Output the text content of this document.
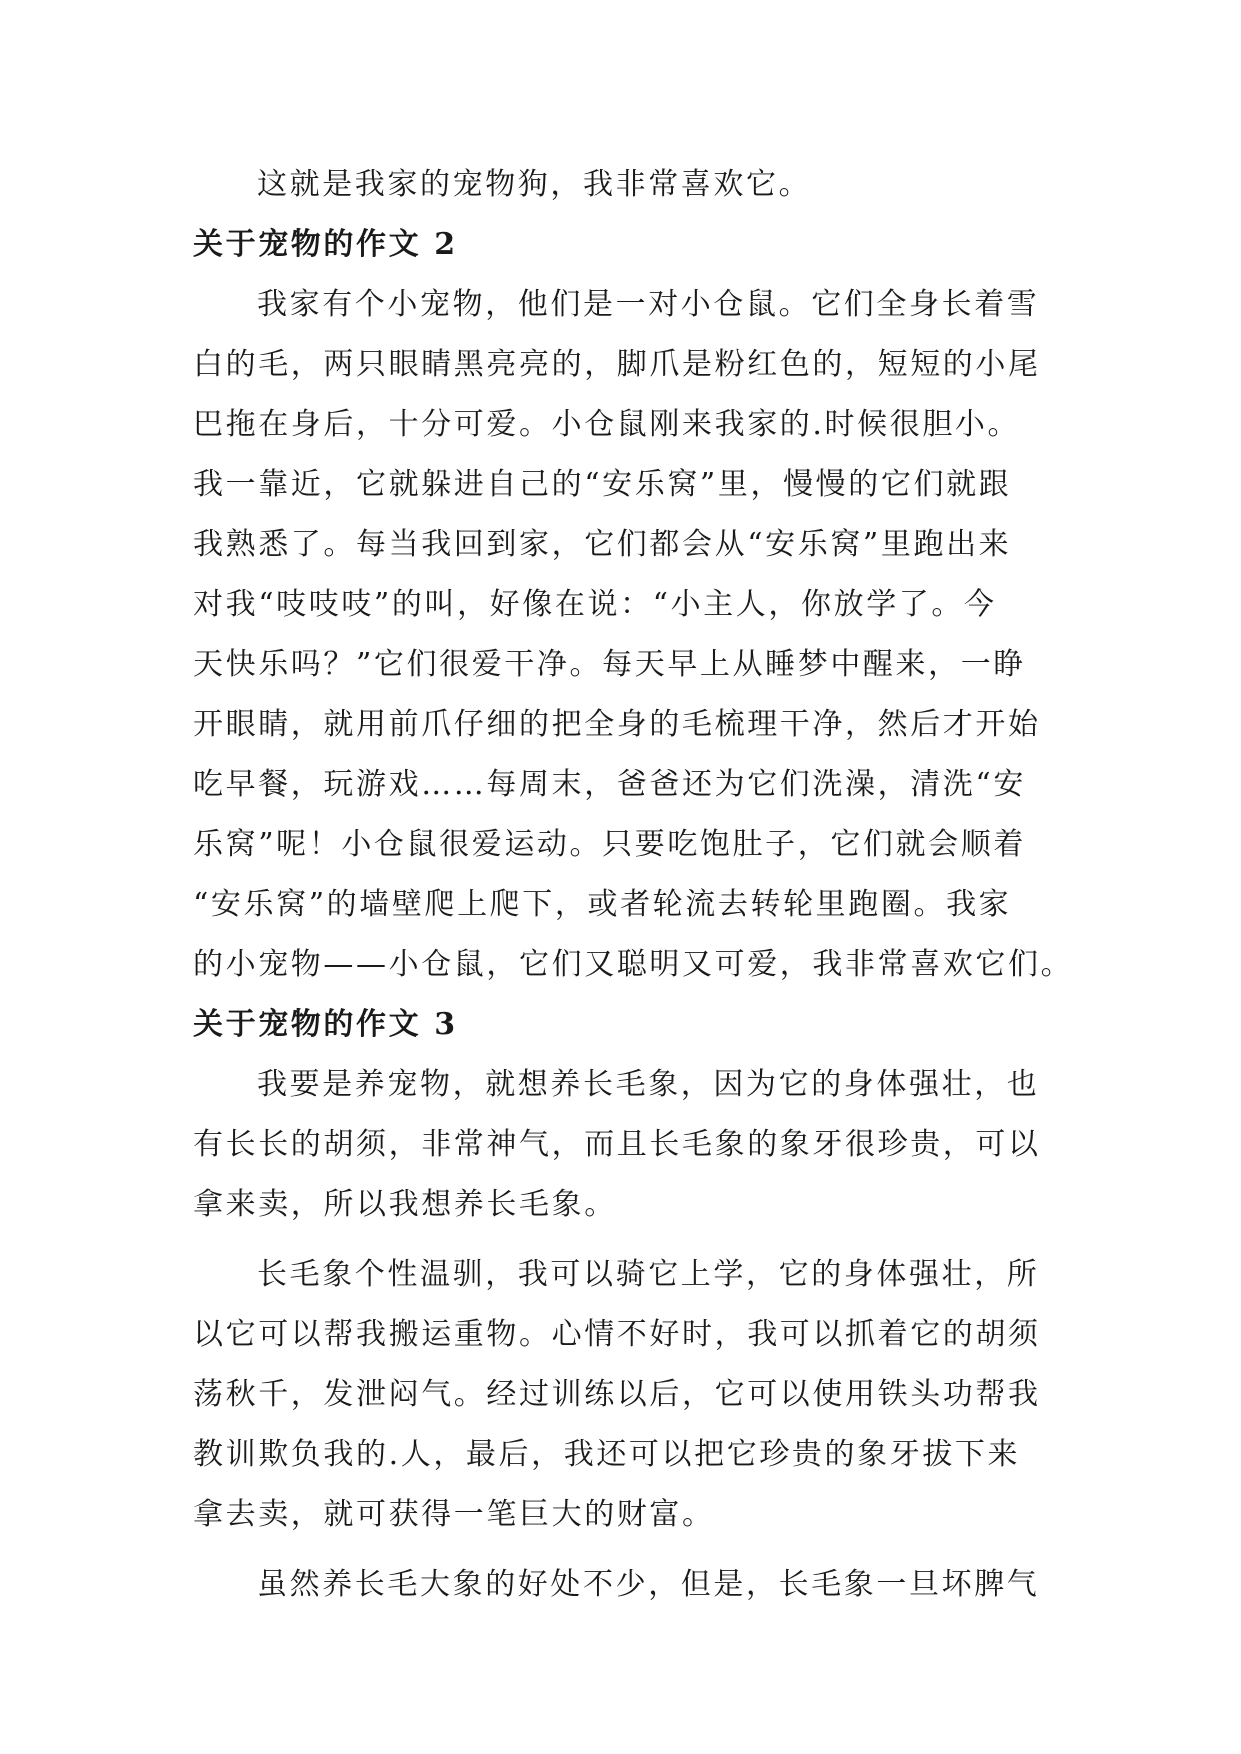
这就是我家的宠物狗，我非常喜欢它。

关于宠物的作文 2

我家有个小宠物，他们是一对小仓鼠。它们全身长着雪

白的毛，两只眼睛黑亮亮的，脚爪是粉红色的，短短的小尾

巴拖在身后，十分可爱。小仓鼠刚来我家的.时候很胆小。

我一靠近，它就躲进自己的“安乐窝”里，慢慢的它们就跟

我熟悉了。每当我回到家，它们都会从“安乐窝”里跑出来

对我“吱吱吱”的叫，好像在说：“小主人，你放学了。今

天快乐吗？”它们很爱干净。每天早上从睡梦中醒来，一睁

开眼睛，就用前爪仔细的把全身的毛梳理干净，然后才开始

吃早餐，玩游戏……每周末，爸爸还为它们洗澡，清洗“安

乐窝”呢！小仓鼠很爱运动。只要吃饱肚子，它们就会顺着

“安乐窝”的墙壁爬上爬下，或者轮流去转轮里跑圈。我家

的小宠物——小仓鼠，它们又聪明又可爱，我非常喜欢它们。

关于宠物的作文 3

我要是养宠物，就想养长毛象，因为它的身体强壮，也

有长长的胡须，非常神气，而且长毛象的象牙很珍贵，可以

拿来卖，所以我想养长毛象。

长毛象个性温驯，我可以骑它上学，它的身体强壮，所

以它可以帮我搬运重物。心情不好时，我可以抓着它的胡须

荡秋千，发泄闷气。经过训练以后，它可以使用铁头功帮我

教训欺负我的.人，最后，我还可以把它珍贵的象牙拔下来

拿去卖，就可获得一笔巨大的财富。

虽然养长毛大象的好处不少，但是，长毛象一旦坏脾气
